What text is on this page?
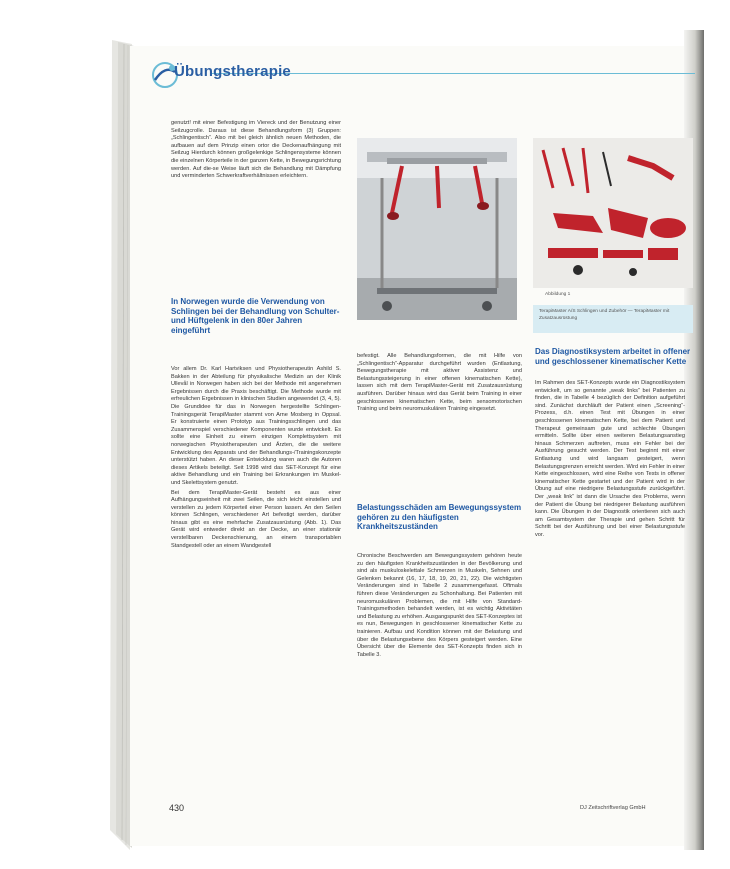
Übungstherapie

genutzt! mit einer Befestigung im Viereck und der Benutzung einer Seilzugcrolle. Daraus ist diese Behandlungsform (3) Gruppen: „Schlingentisch“. Also mit bei gleich ähnlich neuen Methoden, die aufbauen auf dem Prinzip einen ortor die Deckenaufhängung mit Seilzug Hierdurch können großgelenkige Schlingensysteme können die einzelnen Körperteile in der ganzen Kette, in Bewegungsrichtung werden. Auf die-se Weise läuft sich die Behandlung mit Dämpfung und verminderten Schwerkraftverhältnissen erleichtern.

In Norwegen wurde die Verwendung von Schlingen bei der Behandlung von Schulter- und Hüftgelenk in den 80er Jahren eingeführt

Vor allem Dr. Karl Hartviksen und Physiotherapeutin Ashild S. Bakken in der Abteilung für physikalische Medizin an der Klinik Ullevål in Norwegen haben sich bei der Methode mit angenehmen Ergebnissen durch die Praxis beschäftigt. Die Methode wurde mit erfreulichen Ergebnissen in klinischen Studien angewendet (3, 4, 5). Die Grundidee für das in Norwegen hergestellte Schlingen-Trainingsgerät TerapiMaster stammt von Arne Mosberg in Oppsal. Er konstruierte einen Prototyp aus Trainingsschlingen und das Zusammenspiel verschiedener Komponenten wurde entwickelt. Es sollte eine Einheit zu einem einzigen Komplettsystem mit norwegischen Physiotherapeuten und Ärzten, die die weitere Entwicklung des Apparats und der Behandlungs-/Trainingskonzepte unterstützt haben. An dieser Entwicklung waren auch die Autoren dieses Artikels beteiligt. Seit 1998 wird das SET-Konzept für eine aktive Behandlung und ein Training bei Erkrankungen im Muskel- und Skelettsystem genutzt.

Bei dem TerapiMaster-Gerät besteht es aus einer Aufhängungseinheit mit zwei Seilen, die sich leicht einstellen und verstellen zu jedem Körperteil einer Person lassen. An den Seilen können Schlingen, verschiedener Art befestigt werden, darüber hinaus gibt es eine mehrfache Zusatzausrüstung (Abb. 1). Das Gerät wird entweder direkt an der Decke, an einer stationär verstellbaren Deckenschienung, an einem transportablen Standgestell oder an einem Wandgestell

Abbildung 1
TerapiMaster A/S Schlingen und Zubehör — TerapiMaster mit Zusatzausrüstung

befestigt. Alle Behandlungsformen, die mit Hilfe von „Schlingentisch“-Apparatur durchgeführt wurden (Entlastung, Bewegungstherapie mit aktiver Assistenz und Belastungssteigerung in einer offenen kinematischen Kette), lassen sich mit dem TerapiMaster-Gerät mit Zusatzausrüstung ausführen. Darüber hinaus wird das Gerät beim Training in einer geschlossenen kinematischen Kette, beim sensomotorischen Training und beim neuromuskulären Training eingesetzt.

Belastungsschäden am Bewegungssystem gehören zu den häufigsten Krankheitszuständen

Chronische Beschwerden am Bewegungssystem gehören heute zu den häufigsten Krankheitszuständen in der Bevölkerung und sind als muskuloskelettale Schmerzen in Muskeln, Sehnen und Gelenken bekannt (16, 17, 18, 19, 20, 21, 22). Die wichtigsten Veränderungen sind in Tabelle 2 zusammengefasst. Oftmals führen diese Veränderungen zu Schonhaltung. Bei Patienten mit neuromuskulären Problemen, die mit Hilfe von Standard-Trainingsmethoden behandelt werden, ist es wichtig Aktivitäten und Belastung zu erhöhen. Ausgangspunkt des SET-Konzeptes ist es nun, Bewegungen in geschlossener kinematischer Kette zu trainieren. Aufbau und Kondition können mit der Belastung und über die Belastungsebene des Körpers gesteigert werden. Eine Übersicht über die Elemente des SET-Konzepts finden sich in Tabelle 3.

Das Diagnostiksystem arbeitet in offener und geschlossener kinematischer Kette

Im Rahmen des SET-Konzepts wurde ein Diagnostiksystem entwickelt, um so genannte „weak links“ bei Patienten zu finden, die in Tabelle 4 bezüglich der Definition aufgeführt sind. Zunächst durchläuft der Patient einen „Screening“-Prozess, d.h. einen Test mit Übungen in einer geschlossenen kinematischen Kette, bei dem Patient und Therapeut gemeinsam gute und schlechte Übungen ermitteln. Sollte über einen weiteren Belastungsanstieg hinaus Schmerzen auftreten, muss ein Fehler bei der Ausführung gesucht werden. Der Test beginnt mit einer Entlastung und wird langsam gesteigert, wenn Belastungsgrenzen erreicht werden. Wird ein Fehler in einer Kette eingeschlossen, wird eine Reihe von Tests in offener kinematischer Kette gestartet und der Patient wird in der Übung auf eine niedrigere Belastungsstufe zurückgeführt. Der „weak link“ ist dann die Ursache des Problems, wenn der Patient die Übung bei niedrigerer Belastung ausführen kann. Die Übungen in der Diagnostik orientieren sich auch am Gesamtsystem der Therapie und gehen Schritt für Schritt bei der Ausführung und bei einer Belastungsstufe vor.

430	DJ Zeitschriftverlag GmbH
